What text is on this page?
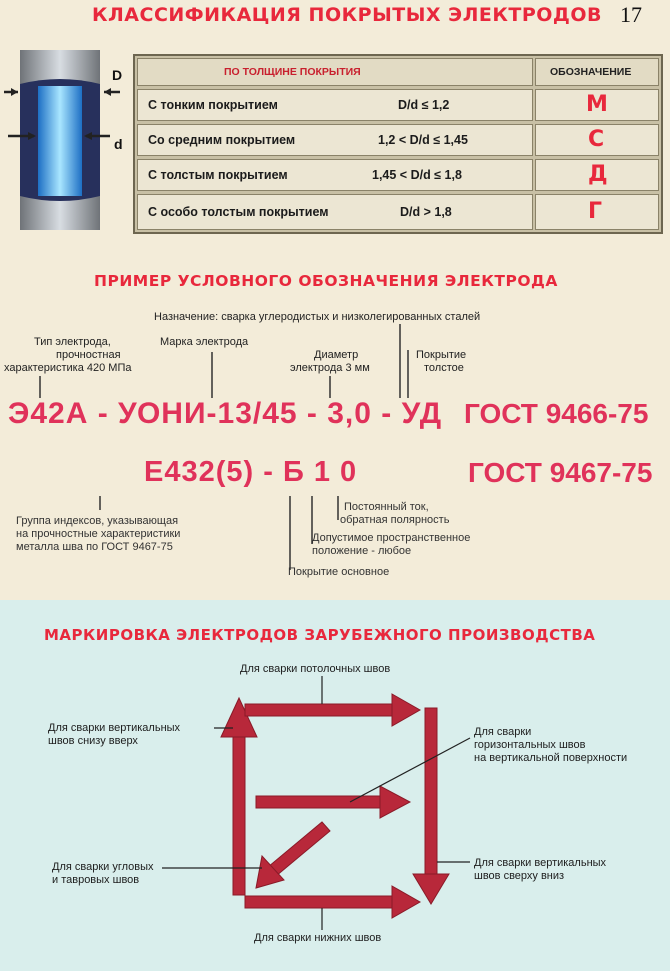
КЛАССИФИКАЦИЯ ПОКРЫТЫХ ЭЛЕКТРОДОВ 17
D
d
ПО ТОЛЩИНЕ ПОКРЫТИЯ	ОБОЗНАЧЕНИЕ
С тонким покрытием	D/d ≤ 1,2	М
Со средним покрытием	1,2 < D/d ≤ 1,45	С
С толстым покрытием	1,45 < D/d ≤ 1,8	Д
С особо толстым покрытием	D/d > 1,8	Г
ПРИМЕР УСЛОВНОГО ОБОЗНАЧЕНИЯ ЭЛЕКТРОДА
Назначение: сварка углеродистых и низколегированных сталей
Тип электрода,
прочностная
характеристика 420 МПа
Марка электрода
Диаметр
электрода 3 мм
Покрытие
толстое
Э42А - УОНИ-13/45 - 3,0 - УД ГОСТ 9466-75
Е432(5) - Б 1 0	ГОСТ 9467-75
Группа индексов, указывающая
на прочностные характеристики
металла шва по ГОСТ 9467-75
Постоянный ток,
обратная полярность
Допустимое пространственное
положение - любое
Покрытие основное
МАРКИРОВКА ЭЛЕКТРОДОВ ЗАРУБЕЖНОГО ПРОИЗВОДСТВА
Для сварки потолочных швов
Для сварки вертикальных
швов снизу вверх
Для сварки
горизонтальных швов
на вертикальной поверхности
Для сварки угловых
и тавровых швов
Для сварки вертикальных
швов сверху вниз
Для сварки нижних швов
